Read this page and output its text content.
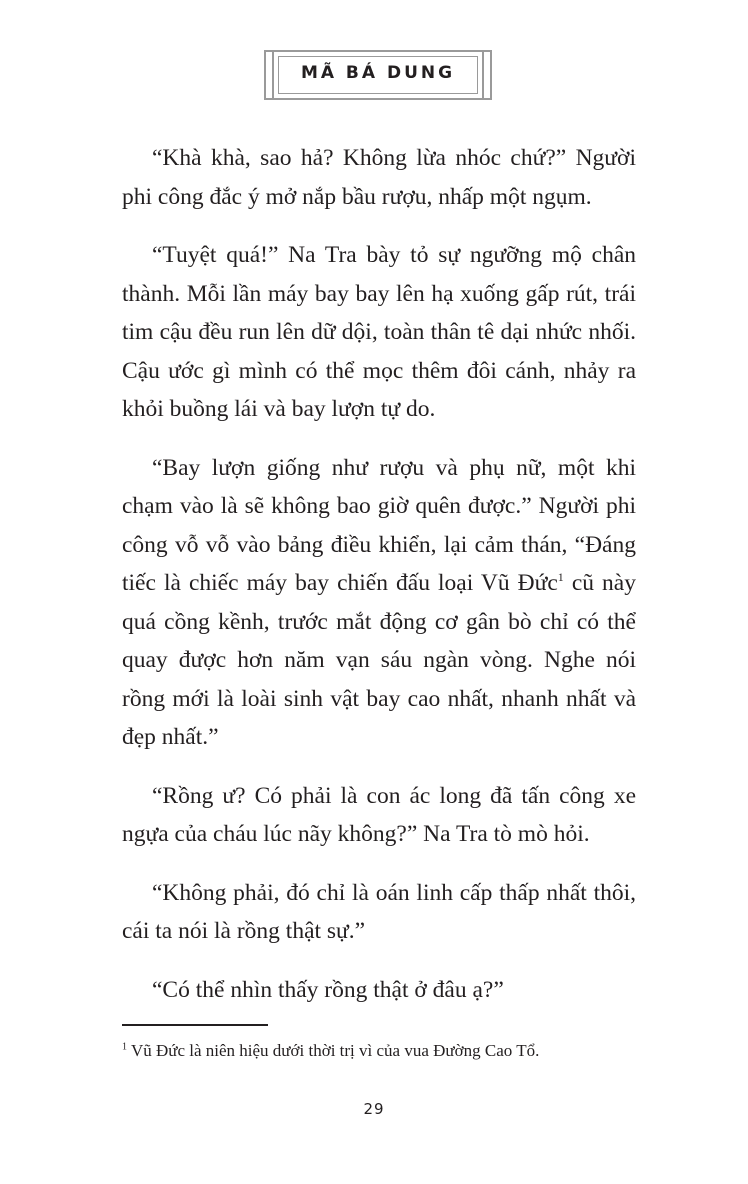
MÃ BÁ DUNG

“Khà khà, sao hả? Không lừa nhóc chứ?” Người phi công đắc ý mở nắp bầu rượu, nhấp một ngụm.

“Tuyệt quá!” Na Tra bày tỏ sự ngưỡng mộ chân thành. Mỗi lần máy bay bay lên hạ xuống gấp rút, trái tim cậu đều run lên dữ dội, toàn thân tê dại nhức nhối. Cậu ước gì mình có thể mọc thêm đôi cánh, nhảy ra khỏi buồng lái và bay lượn tự do.

“Bay lượn giống như rượu và phụ nữ, một khi chạm vào là sẽ không bao giờ quên được.” Người phi công vỗ vỗ vào bảng điều khiển, lại cảm thán, “Đáng tiếc là chiếc máy bay chiến đấu loại Vũ Đức$^1$ cũ này quá cồng kềnh, trước mắt động cơ gân bò chỉ có thể quay được hơn năm vạn sáu ngàn vòng. Nghe nói rồng mới là loài sinh vật bay cao nhất, nhanh nhất và đẹp nhất.”

“Rồng ư? Có phải là con ác long đã tấn công xe ngựa của cháu lúc nãy không?” Na Tra tò mò hỏi.

“Không phải, đó chỉ là oán linh cấp thấp nhất thôi, cái ta nói là rồng thật sự.”

“Có thể nhìn thấy rồng thật ở đâu ạ?”

$^1$ Vũ Đức là niên hiệu dưới thời trị vì của vua Đường Cao Tổ.
29
